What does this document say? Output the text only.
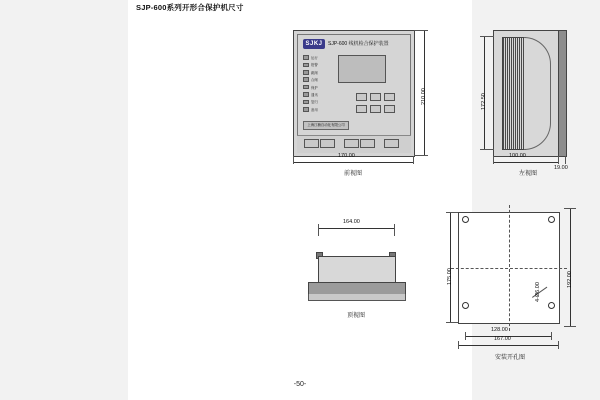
SJP-600系列开形合保护机尺寸
SJKJ	SJP-600 线机检合保护装置
运行
报警
跳闸
合闸
保护
通讯
复归
备用
上海江楠自动化有限公司
170.00
210.00
前视图
172.50
100.00
19.00
左视图
164.00
顶视图
175.00	192.00
128.00
167.00
4-Ø6.00
安装开孔图
-50-
